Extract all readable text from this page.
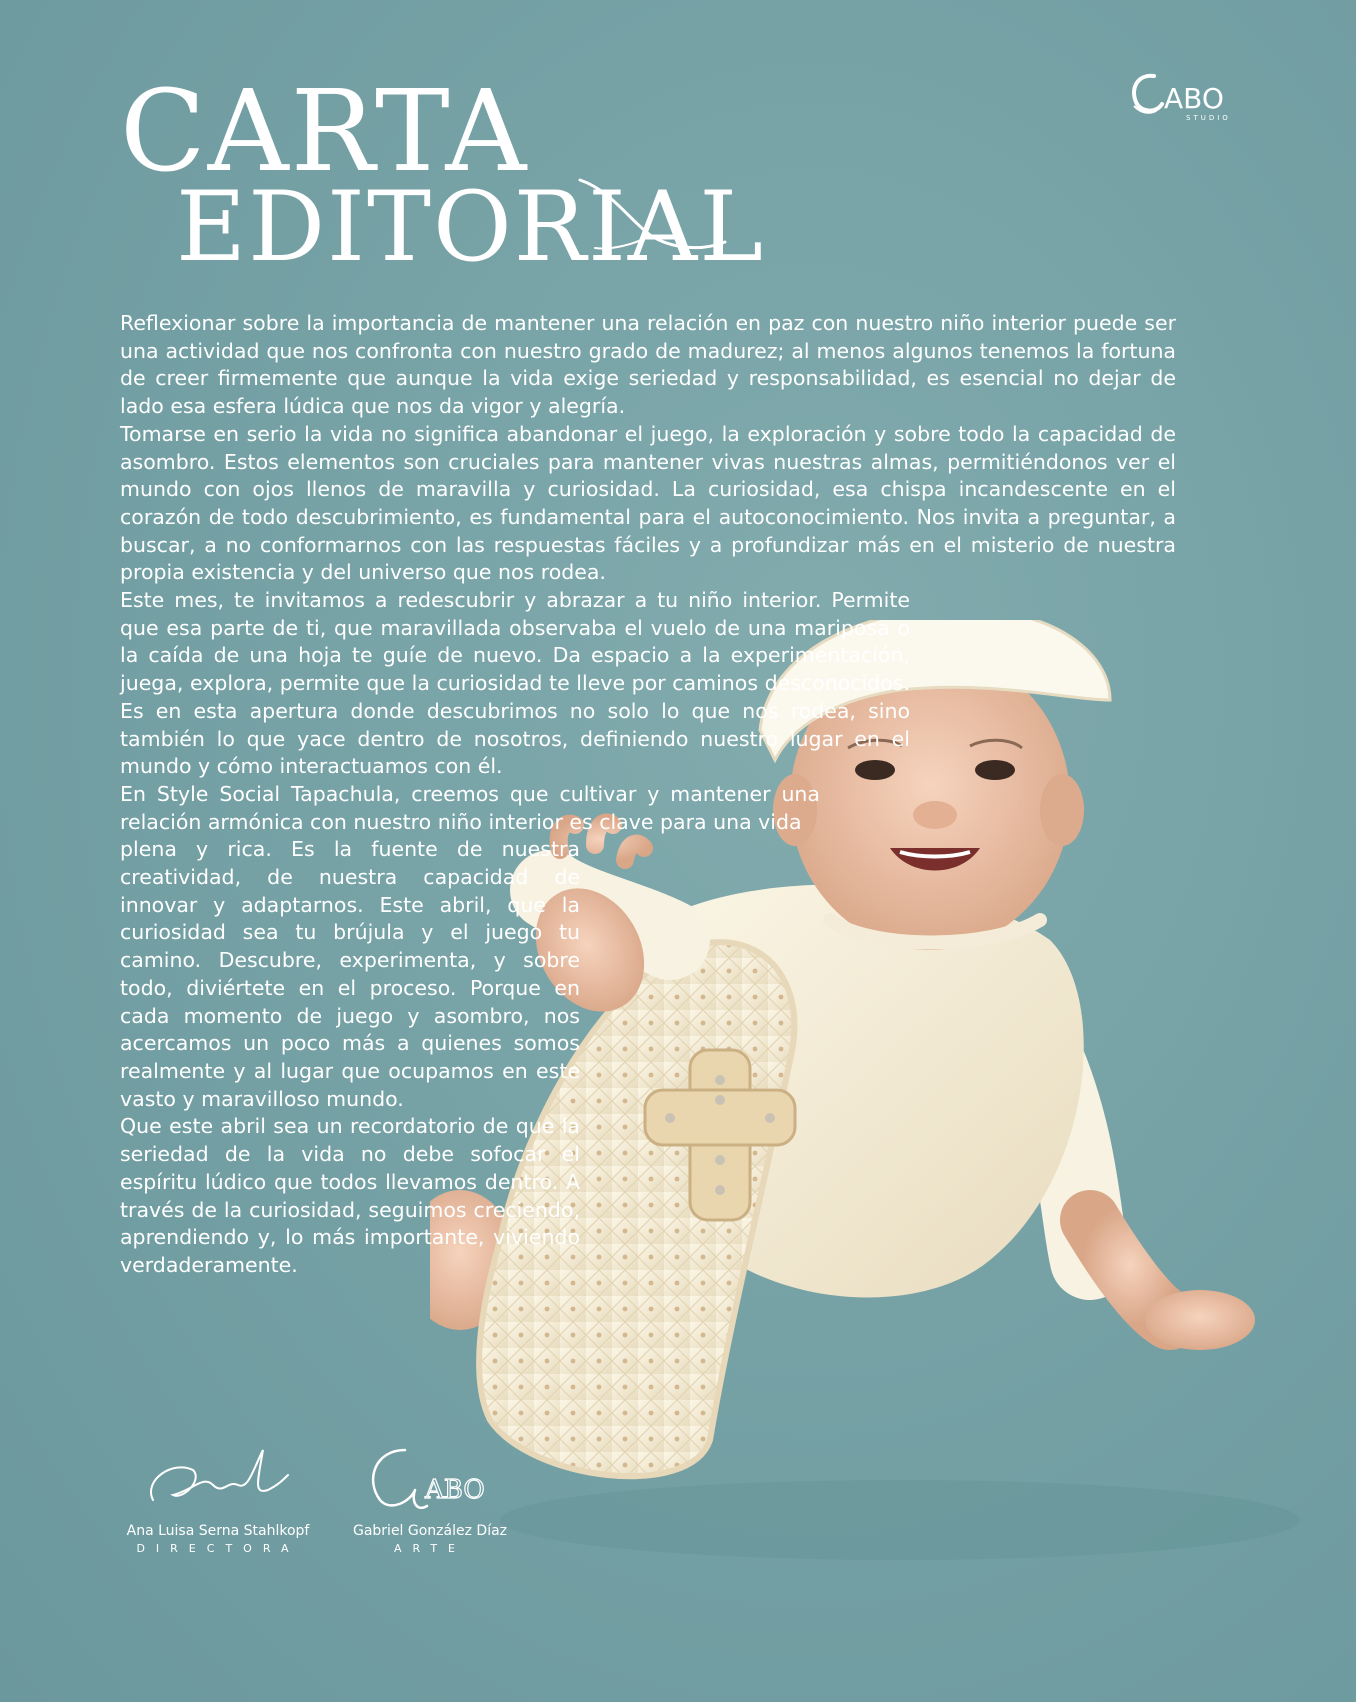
ABO
STUDIO
CARTA
EDITORIAL

Reflexionar sobre la importancia de mantener una relación en paz con nuestro niño interior puede ser una actividad que nos confronta con nuestro grado de madurez; al menos algunos tenemos la fortuna de creer firmemente que aunque la vida exige seriedad y responsabilidad, es esencial no dejar de lado esa esfera lúdica que nos da vigor y alegría.

Tomarse en serio la vida no significa abandonar el juego, la exploración y sobre todo la capacidad de asombro. Estos elementos son cruciales para mantener vivas nuestras almas, permitiéndonos ver el mundo con ojos llenos de maravilla y curiosidad. La curiosidad, esa chispa incandescente en el corazón de todo descubrimiento, es fundamental para el autoconocimiento. Nos invita a preguntar, a buscar, a no conformarnos con las respuestas fáciles y a profundizar más en el misterio de nuestra propia existencia y del universo que nos rodea.

Este mes, te invitamos a redescubrir y abrazar a tu niño interior. Permite que esa parte de ti, que maravillada observaba el vuelo de una mariposa o la caída de una hoja te guíe de nuevo. Da espacio a la experimentación, juega, explora, permite que la curiosidad te lleve por caminos desconocidos. Es en esta apertura donde descubrimos no solo lo que nos rodea, sino también lo que yace dentro de nosotros, definiendo nuestro lugar en el mundo y cómo interactuamos con él.

En Style Social Tapachula, creemos que cultivar y mantener una relación armónica con nuestro niño interior es clave para una vida

plena y rica. Es la fuente de nuestra creatividad, de nuestra capacidad de innovar y adaptarnos. Este abril, que la curiosidad sea tu brújula y el juego tu camino. Descubre, experimenta, y sobre todo, diviértete en el proceso. Porque en cada momento de juego y asombro, nos acercamos un poco más a quienes somos realmente y al lugar que ocupamos en este vasto y maravilloso mundo.

Que este abril sea un recordatorio de que la seriedad de la vida no debe sofocar el espíritu lúdico que todos llevamos dentro. A través de la curiosidad, seguimos creciendo, aprendiendo y, lo más importante, viviendo verdaderamente.

Ana Luisa Serna Stahlkopf
DIRECTORA
ABO
Gabriel González Díaz
ARTE
